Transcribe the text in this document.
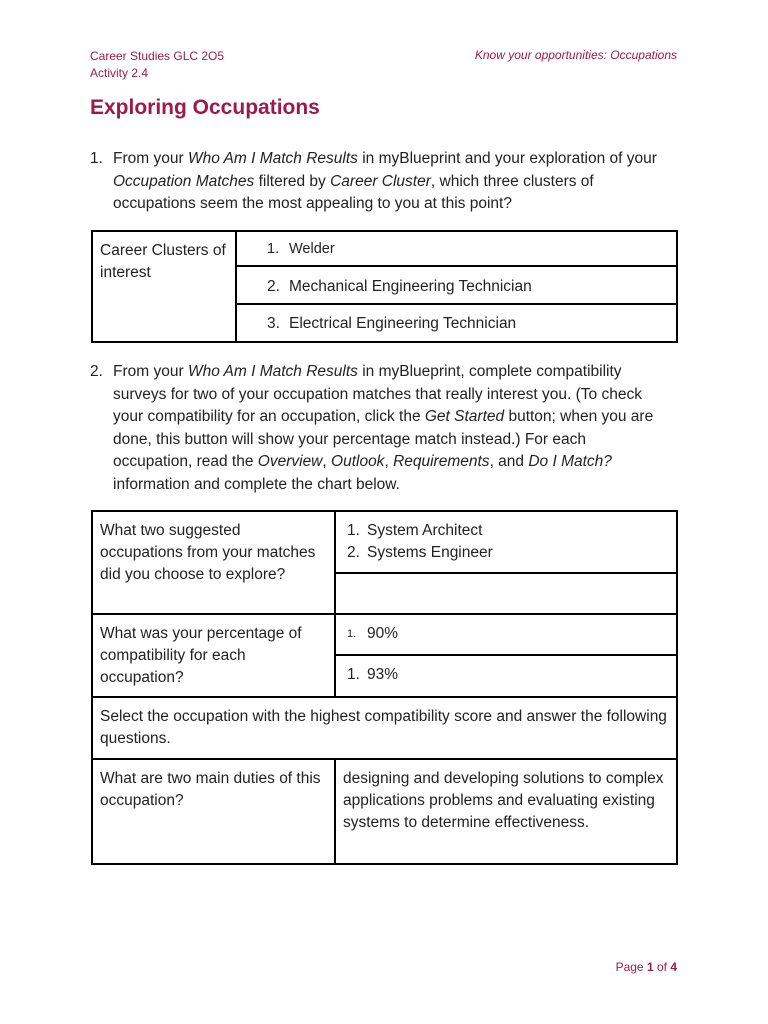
Career Studies GLC 2O5
Activity 2.4
Know your opportunities: Occupations
Exploring Occupations
1. From your Who Am I Match Results in myBlueprint and your exploration of your Occupation Matches filtered by Career Cluster, which three clusters of occupations seem the most appealing to you at this point?
Career Clusters of interest	
1. Welder

2. Mechanical Engineering Technician

3. Electrical Engineering Technician
2. From your Who Am I Match Results in myBlueprint, complete compatibility surveys for two of your occupation matches that really interest you. (To check your compatibility for an occupation, click the Get Started button; when you are done, this button will show your percentage match instead.) For each occupation, read the Overview, Outlook, Requirements, and Do I Match? information and complete the chart below.
What two suggested occupations from your matches did you choose to explore?	1. System Architect
2. Systems Engineer

What was your percentage of compatibility for each occupation?	1. 90%

	1. 93%

Select the occupation with the highest compatibility score and answer the following questions.	
What are two main duties of this occupation?	designing and developing solutions to complex applications problems and evaluating existing systems to determine effectiveness.
Page 1 of 4
